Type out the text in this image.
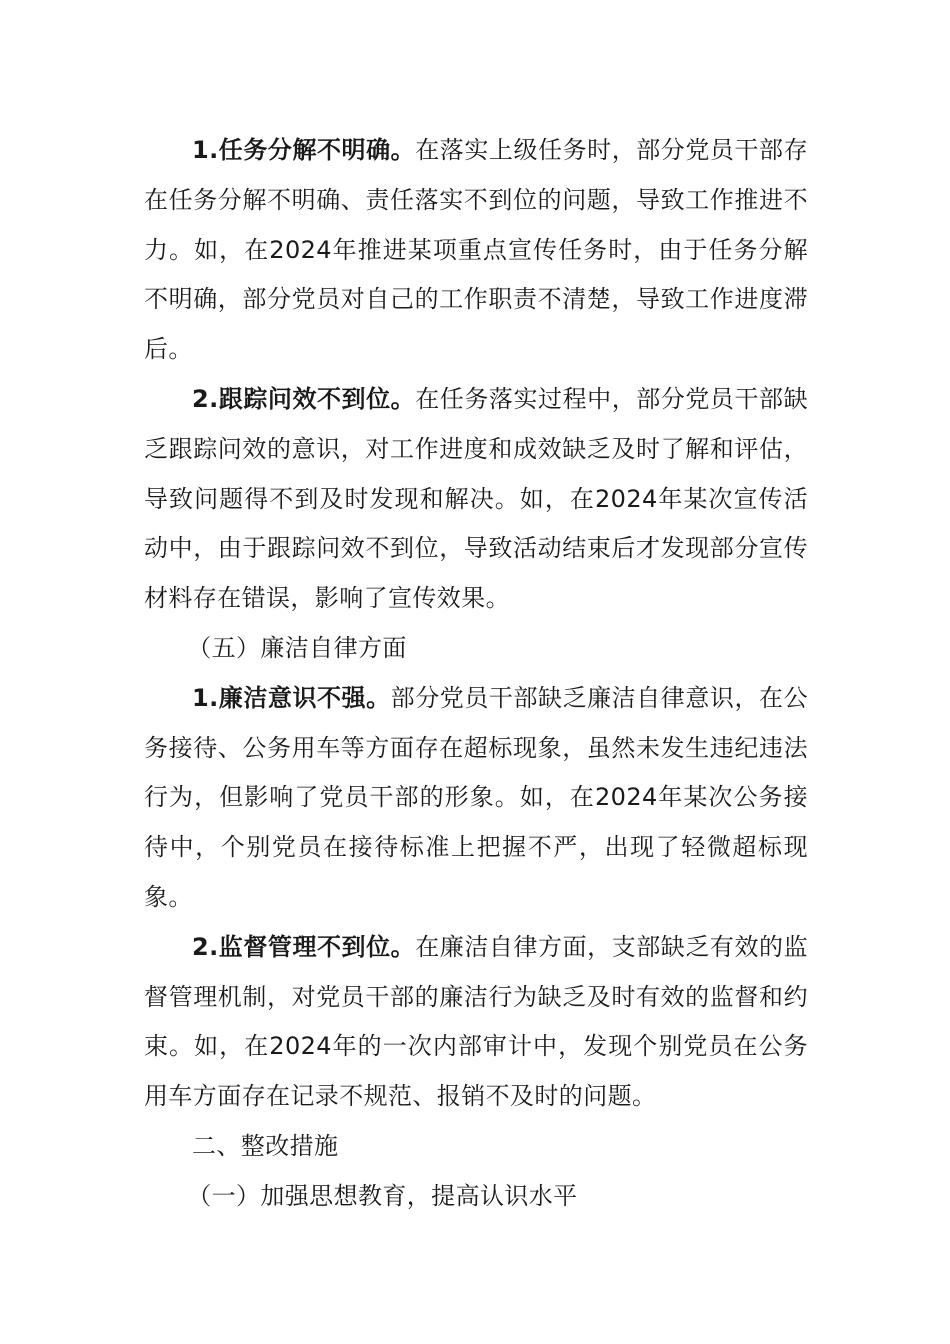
1.任务分解不明确。在落实上级任务时，部分党员干部存在任务分解不明确、责任落实不到位的问题，导致工作推进不力。如，在2024年推进某项重点宣传任务时，由于任务分解不明确，部分党员对自己的工作职责不清楚，导致工作进度滞后。

2.跟踪问效不到位。在任务落实过程中，部分党员干部缺乏跟踪问效的意识，对工作进度和成效缺乏及时了解和评估，导致问题得不到及时发现和解决。如，在2024年某次宣传活动中，由于跟踪问效不到位，导致活动结束后才发现部分宣传材料存在错误，影响了宣传效果。

（五）廉洁自律方面

1.廉洁意识不强。部分党员干部缺乏廉洁自律意识，在公务接待、公务用车等方面存在超标现象，虽然未发生违纪违法行为，但影响了党员干部的形象。如，在2024年某次公务接待中，个别党员在接待标准上把握不严，出现了轻微超标现象。

2.监督管理不到位。在廉洁自律方面，支部缺乏有效的监督管理机制，对党员干部的廉洁行为缺乏及时有效的监督和约束。如，在2024年的一次内部审计中，发现个别党员在公务用车方面存在记录不规范、报销不及时的问题。

二、整改措施

（一）加强思想教育，提高认识水平
